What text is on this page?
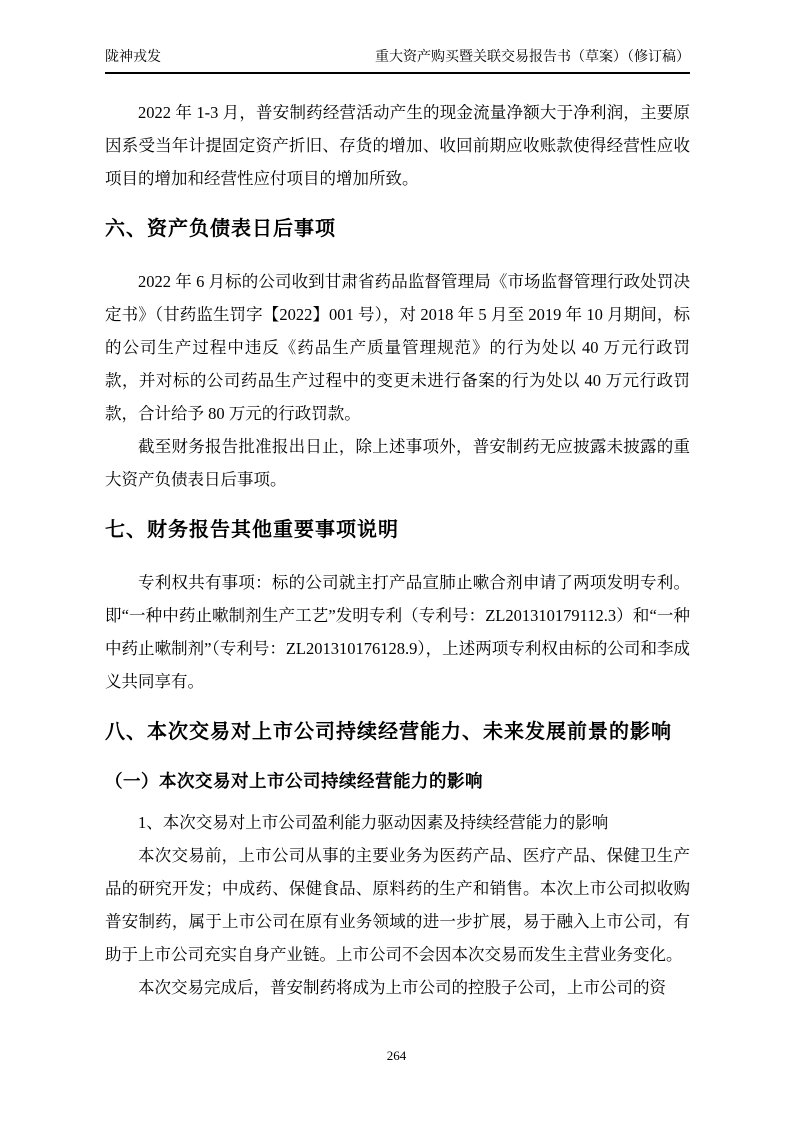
陇神戎发	重大资产购买暨关联交易报告书（草案）（修订稿）

2022 年 1-3 月，普安制药经营活动产生的现金流量净额大于净利润，主要原因系受当年计提固定资产折旧、存货的增加、收回前期应收账款使得经营性应收项目的增加和经营性应付项目的增加所致。

六、资产负债表日后事项

2022 年 6 月标的公司收到甘肃省药品监督管理局《市场监督管理行政处罚决定书》（甘药监生罚字【2022】001 号），对 2018 年 5 月至 2019 年 10 月期间，标的公司生产过程中违反《药品生产质量管理规范》的行为处以 40 万元行政罚款，并对标的公司药品生产过程中的变更未进行备案的行为处以 40 万元行政罚款，合计给予 80 万元的行政罚款。

截至财务报告批准报出日止，除上述事项外，普安制药无应披露未披露的重大资产负债表日后事项。

七、财务报告其他重要事项说明

专利权共有事项：标的公司就主打产品宣肺止嗽合剂申请了两项发明专利。即“一种中药止嗽制剂生产工艺”发明专利（专利号：ZL201310179112.3）和“一种中药止嗽制剂”（专利号：ZL201310176128.9），上述两项专利权由标的公司和李成义共同享有。

八、本次交易对上市公司持续经营能力、未来发展前景的影响
（一）本次交易对上市公司持续经营能力的影响

1、本次交易对上市公司盈利能力驱动因素及持续经营能力的影响

本次交易前，上市公司从事的主要业务为医药产品、医疗产品、保健卫生产品的研究开发；中成药、保健食品、原料药的生产和销售。本次上市公司拟收购普安制药，属于上市公司在原有业务领域的进一步扩展，易于融入上市公司，有助于上市公司充实自身产业链。上市公司不会因本次交易而发生主营业务变化。

本次交易完成后，普安制药将成为上市公司的控股子公司，上市公司的资

264
